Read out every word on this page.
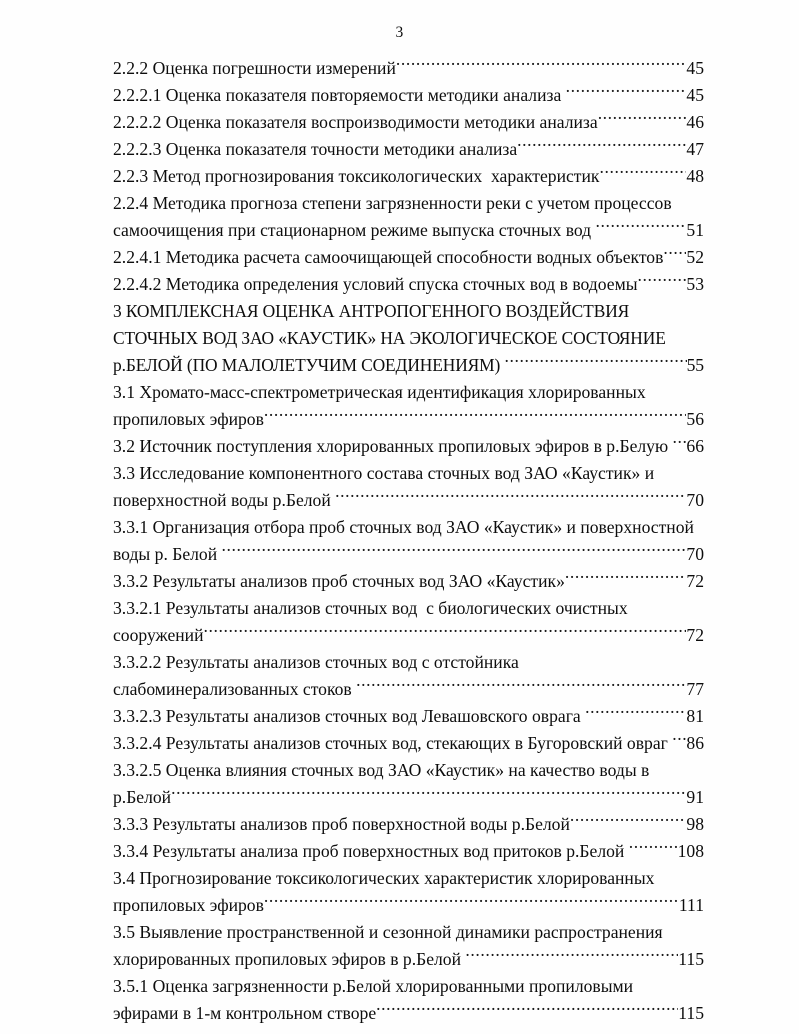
3
2.2.2 Оценка погрешности измерений .....	45
2.2.2.1 Оценка показателя повторяемости методики анализа .....	45
2.2.2.2 Оценка показателя воспроизводимости методики анализа .....	46
2.2.2.3 Оценка показателя точности методики анализа .....	47
2.2.3 Метод прогнозирования токсикологических  характеристик .....	48
2.2.4 Методика прогноза степени загрязненности реки с учетом процессов
самоочищения при стационарном режиме выпуска сточных вод .....	51
2.2.4.1 Методика расчета самоочищающей способности водных объектов ..... 52
2.2.4.2 Методика определения условий спуска сточных вод в водоемы .....	53
3 КОМПЛЕКСНАЯ ОЦЕНКА АНТРОПОГЕННОГО ВОЗДЕЙСТВИЯ
СТОЧНЫХ ВОД ЗАО «КАУСТИК» НА ЭКОЛОГИЧЕСКОЕ СОСТОЯНИЕ
р.БЕЛОЙ (ПО МАЛОЛЕТУЧИМ СОЕДИНЕНИЯМ) .....	55
3.1 Хромато-масс-спектрометрическая идентификация хлорированных
пропиловых эфиров .....	56
3.2 Источник поступления хлорированных пропиловых эфиров в р.Белую ..... 66
3.3 Исследование компонентного состава сточных вод ЗАО «Каустик» и
поверхностной воды р.Белой .....	70
3.3.1 Организация отбора проб сточных вод ЗАО «Каустик» и поверхностной
воды р. Белой .....	70
3.3.2 Результаты анализов проб сточных вод ЗАО «Каустик» .....	72
3.3.2.1 Результаты анализов сточных вод  с биологических очистных
сооружений .....	72
3.3.2.2 Результаты анализов сточных вод с отстойника
слабоминерализованных стоков .....	77
3.3.2.3 Результаты анализов сточных вод Левашовского оврага .....	81
3.3.2.4 Результаты анализов сточных вод, стекающих в Бугоровский овраг ..... 86
3.3.2.5 Оценка влияния сточных вод ЗАО «Каустик» на качество воды в
р.Белой .....	91
3.3.3 Результаты анализов проб поверхностной воды р.Белой .....	98
3.3.4 Результаты анализа проб поверхностных вод притоков р.Белой .....	108
3.4 Прогнозирование токсикологических характеристик хлорированных
пропиловых эфиров .....	111
3.5 Выявление пространственной и сезонной динамики распространения
хлорированных пропиловых эфиров в р.Белой .....	115
3.5.1 Оценка загрязненности р.Белой хлорированными пропиловыми
эфирами в 1-м контрольном створе .....	115
